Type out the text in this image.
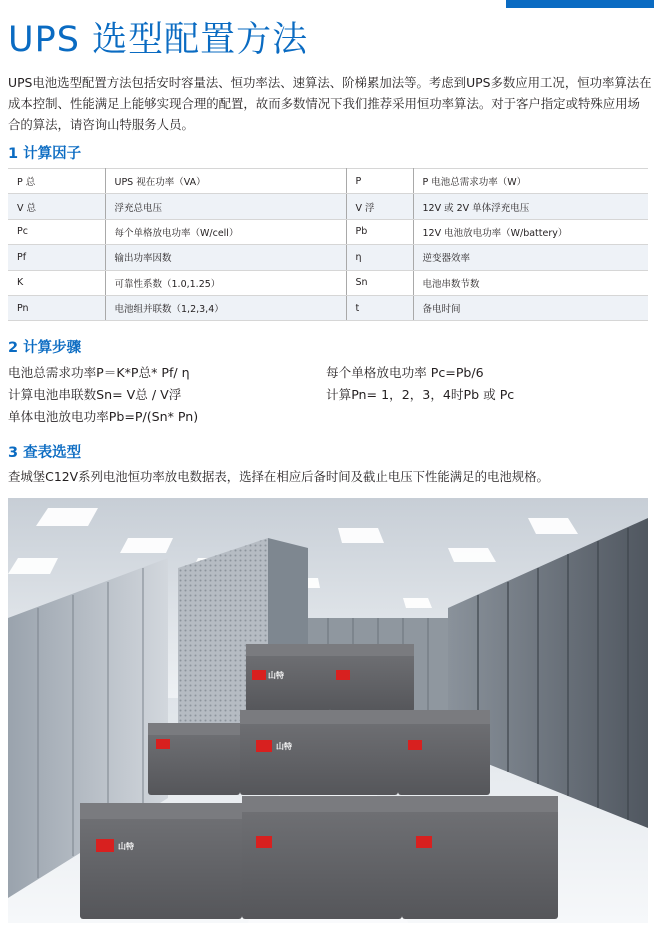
UPS 选型配置方法

UPS电池选型配置方法包括安时容量法、恒功率法、速算法、阶梯累加法等。考虑到UPS多数应用工况，恒功率算法在成本控制、性能满足上能够实现合理的配置，故而多数情况下我们推荐采用恒功率算法。对于客户指定或特殊应用场合的算法，请咨询山特服务人员。

1 计算因子
P 总	UPS 视在功率（VA）	P	P 电池总需求功率（W）
V 总	浮充总电压	V 浮	12V 或 2V 单体浮充电压
Pc	每个单格放电功率（W/cell）	Pb	12V 电池放电功率（W/battery）
Pf	输出功率因数	η	逆变器效率
K	可靠性系数（1.0,1.25）	Sn	电池串数节数
Pn	电池组并联数（1,2,3,4）	t	备电时间
2 计算步骤
电池总需求功率P＝K*P总* Pf/ η	每个单格放电功率 Pc=Pb/6
计算电池串联数Sn= V总 / V浮	计算Pn= 1，2，3，4时Pb 或 Pc
单体电池放电功率Pb=P/(Sn* Pn)
3 查表选型

查城堡C12V系列电池恒功率放电数据表，选择在相应后备时间及截止电压下性能满足的电池规格。

山特
山特
山特
